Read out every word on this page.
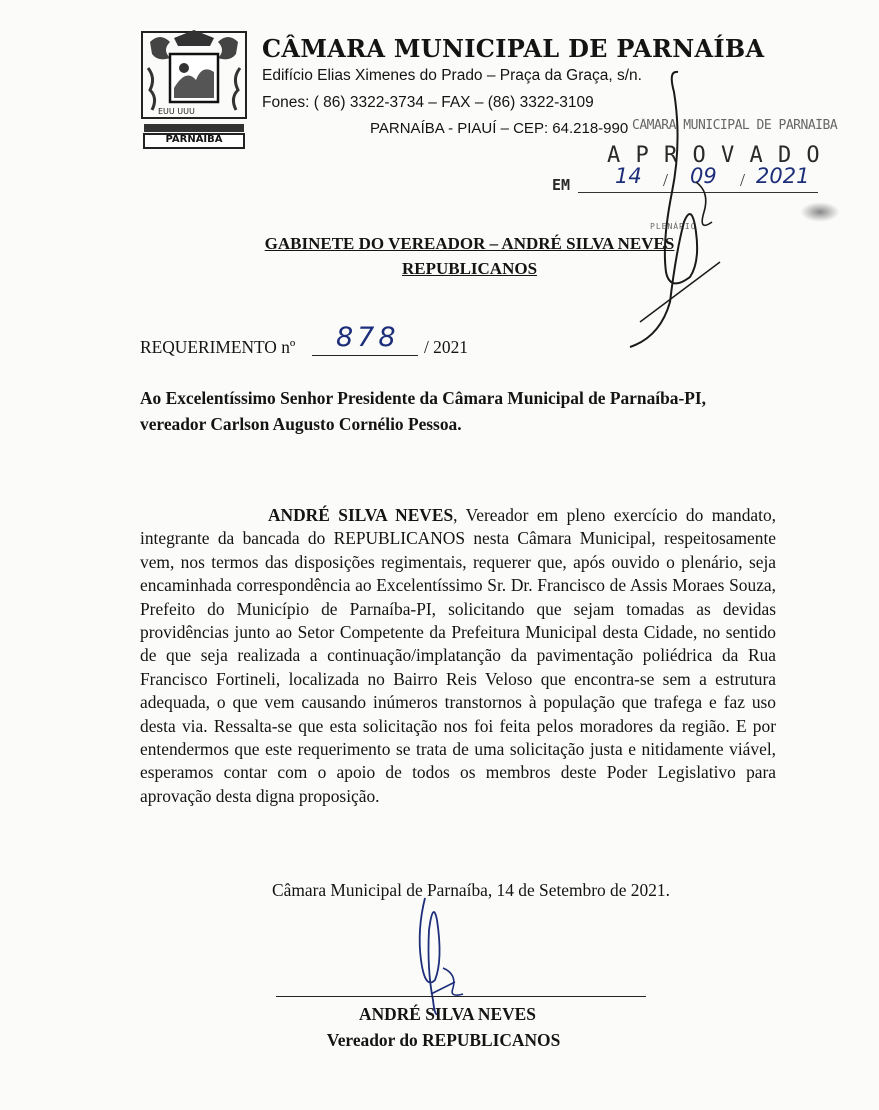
EUU UUU
PARNAÍBA
CÂMARA MUNICIPAL DE PARNAÍBA
Edifício Elias Ximenes do Prado – Praça da Graça, s/n.
Fones: ( 86) 3322-3734 – FAX – (86) 3322-3109
PARNAÍBA - PIAUÍ – CEP: 64.218-990 CÂMARA MUNICIPAL DE PARNAÍBA
A P R O V A D O
EM 14 / 09 / 2021
PLENÁRIO
GABINETE DO VEREADOR – ANDRÉ SILVA NEVES
REPUBLICANOS
REQUERIMENTO nº 878 / 2021
Ao Excelentíssimo Senhor Presidente da Câmara Municipal de Parnaíba-PI,
vereador Carlson Augusto Cornélio Pessoa.

ANDRÉ SILVA NEVES, Vereador em pleno exercício do mandato, integrante da bancada do REPUBLICANOS nesta Câmara Municipal, respeitosamente vem, nos termos das disposições regimentais, requerer que, após ouvido o plenário, seja encaminhada correspondência ao Excelentíssimo Sr. Dr. Francisco de Assis Moraes Souza, Prefeito do Município de Parnaíba-PI, solicitando que sejam tomadas as devidas providências junto ao Setor Competente da Prefeitura Municipal desta Cidade, no sentido de que seja realizada a continuação/implatanção da pavimentação poliédrica da Rua Francisco Fortineli, localizada no Bairro Reis Veloso que encontra-se sem a estrutura adequada, o que vem causando inúmeros transtornos à população que trafega e faz uso desta via. Ressalta-se que esta solicitação nos foi feita pelos moradores da região. E por entendermos que este requerimento se trata de uma solicitação justa e nitidamente viável, esperamos contar com o apoio de todos os membros deste Poder Legislativo para aprovação desta digna proposição.

Câmara Municipal de Parnaíba, 14 de Setembro de 2021.
ANDRÉ SILVA NEVES
Vereador do REPUBLICANOS
